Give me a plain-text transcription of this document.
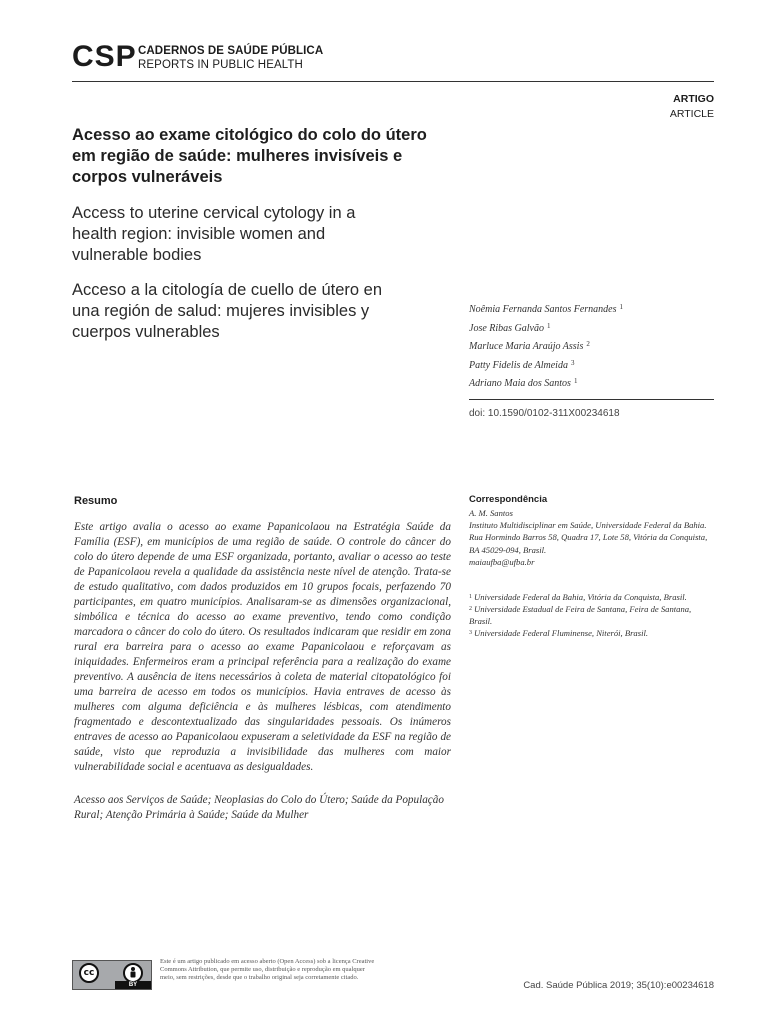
CSP CADERNOS DE SAÚDE PÚBLICA
REPORTS IN PUBLIC HEALTH
ARTIGO
ARTICLE
Acesso ao exame citológico do colo do útero em região de saúde: mulheres invisíveis e corpos vulneráveis
Access to uterine cervical cytology in a health region: invisible women and vulnerable bodies
Acceso a la citología de cuello de útero en una región de salud: mujeres invisibles y cuerpos vulnerables
Noêmia Fernanda Santos Fernandes $^1$
Jose Ribas Galvão $^1$
Marluce Maria Araújo Assis $^2$
Patty Fidelis de Almeida $^3$
Adriano Maia dos Santos $^1$
doi: 10.1590/0102-311X00234618
Resumo
Este artigo avalia o acesso ao exame Papanicolaou na Estratégia Saúde da Família (ESF), em municípios de uma região de saúde. O controle do câncer do colo do útero depende de uma ESF organizada, portanto, avaliar o acesso ao teste de Papanicolaou revela a qualidade da assistência neste nível de atenção. Trata-se de estudo qualitativo, com dados produzidos em 10 grupos focais, perfazendo 70 participantes, em quatro municípios. Analisaram-se as dimensões organizacional, simbólica e técnica do acesso ao exame preventivo, tendo como condição marcadora o câncer do colo do útero. Os resultados indicaram que residir em zona rural era barreira para o acesso ao exame Papanicolaou e reforçavam as iniquidades. Enfermeiros eram a principal referência para a realização do exame preventivo. A ausência de itens necessários à coleta de material citopatológico foi uma barreira de acesso em todos os municípios. Havia entraves de acesso às mulheres com alguma deficiência e às mulheres lésbicas, com atendimento fragmentado e descontextualizado das singularidades pessoais. Os inúmeros entraves de acesso ao Papanicolaou expuseram a seletividade da ESF na região de saúde, visto que reproduzia a invisibilidade das mulheres com maior vulnerabilidade social e acentuava as desigualdades.
Acesso aos Serviços de Saúde; Neoplasias do Colo do Útero; Saúde da População Rural; Atenção Primária à Saúde; Saúde da Mulher
Correspondência
A. M. Santos
Instituto Multidisciplinar em Saúde, Universidade Federal da Bahia.
Rua Hormindo Barros 58, Quadra 17, Lote 58, Vitória da Conquista, BA 45029-094, Brasil.
maiaufba@ufba.br
$^1$ Universidade Federal da Bahia, Vitória da Conquista, Brasil.
$^2$ Universidade Estadual de Feira de Santana, Feira de Santana, Brasil.
$^3$ Universidade Federal Fluminense, Niterói, Brasil.
cc
BY
Este é um artigo publicado em acesso aberto (Open Access) sob a licença Creative Commons Attribution, que permite uso, distribuição e reprodução em qualquer meio, sem restrições, desde que o trabalho original seja corretamente citado.
Cad. Saúde Pública 2019; 35(10):e00234618
